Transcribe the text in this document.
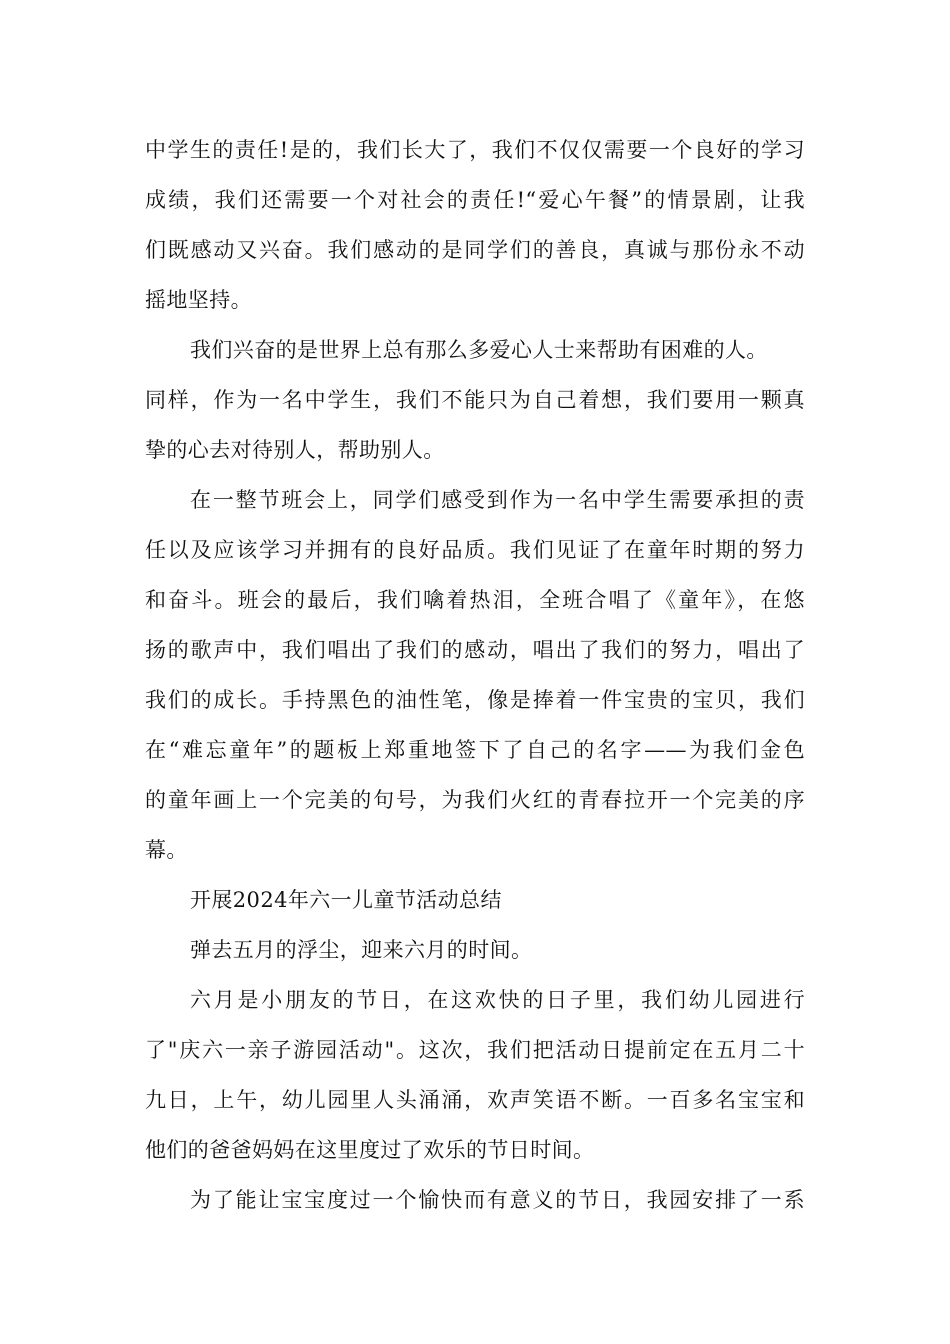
中学生的责任!是的，我们长大了，我们不仅仅需要一个良好的学习
成绩，我们还需要一个对社会的责任!“爱心午餐”的情景剧，让我
们既感动又兴奋。我们感动的是同学们的善良，真诚与那份永不动
摇地坚持。
我们兴奋的是世界上总有那么多爱心人士来帮助有困难的人。
同样，作为一名中学生，我们不能只为自己着想，我们要用一颗真
挚的心去对待别人，帮助别人。
在一整节班会上，同学们感受到作为一名中学生需要承担的责
任以及应该学习并拥有的良好品质。我们见证了在童年时期的努力
和奋斗。班会的最后，我们噙着热泪，全班合唱了《童年》，在悠
扬的歌声中，我们唱出了我们的感动，唱出了我们的努力，唱出了
我们的成长。手持黑色的油性笔，像是捧着一件宝贵的宝贝，我们
在“难忘童年”的题板上郑重地签下了自己的名字——为我们金色
的童年画上一个完美的句号，为我们火红的青春拉开一个完美的序
幕。
开展2024年六一儿童节活动总结
弹去五月的浮尘，迎来六月的时间。
六月是小朋友的节日，在这欢快的日子里，我们幼儿园进行
了"庆六一亲子游园活动"。这次，我们把活动日提前定在五月二十
九日，上午，幼儿园里人头涌涌，欢声笑语不断。一百多名宝宝和
他们的爸爸妈妈在这里度过了欢乐的节日时间。
为了能让宝宝度过一个愉快而有意义的节日，我园安排了一系
